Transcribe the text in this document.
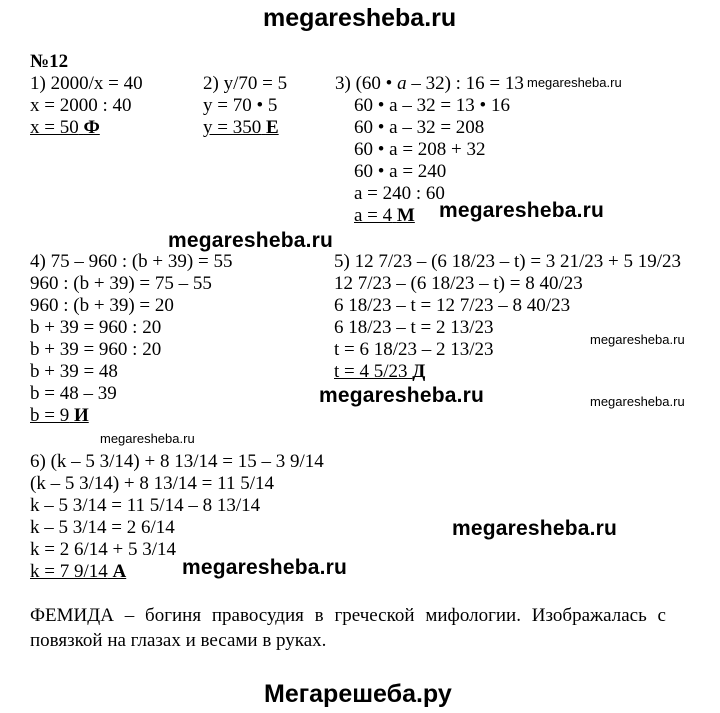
megaresheba.ru
№12
1) 2000/х = 40
х = 2000 : 40
х = 50 Ф
2) у/70 = 5
у = 70 • 5
у = 350 Е
3) (60 • a – 32) : 16 = 13
60 • а – 32 = 13 • 16
60 • а – 32 = 208
60 • а = 208 + 32
60 • а = 240
а = 240 : 60
а = 4 М
4) 75 – 960 : (b + 39) = 55
960 : (b + 39) = 75 – 55
960 : (b + 39) = 20
b + 39 = 960 : 20
b + 39 = 960 : 20
b + 39 = 48
b = 48 – 39
b = 9 И
5) 12 7/23 – (6 18/23 – t) = 3 21/23 + 5 19/23
12 7/23 – (6 18/23 – t) = 8 40/23
6 18/23 – t = 12 7/23 – 8 40/23
6 18/23 – t = 2 13/23
t = 6 18/23 – 2 13/23
t = 4 5/23 Д
6) (k – 5 3/14) + 8 13/14 = 15 – 3 9/14
(k – 5 3/14) + 8 13/14 = 11 5/14
k – 5 3/14 = 11 5/14 – 8 13/14
k – 5 3/14 = 2 6/14
k = 2 6/14 + 5 3/14
k = 7 9/14 А
ФЕМИДА – богиня правосудия в греческой мифологии. Изображалась с повязкой на глазах и весами в руках.
megaresheba.ru
megaresheba.ru
megaresheba.ru
megaresheba.ru
megaresheba.ru	megaresheba.ru
megaresheba.ru
megaresheba.ru
megaresheba.ru
Мегарешеба.ру
